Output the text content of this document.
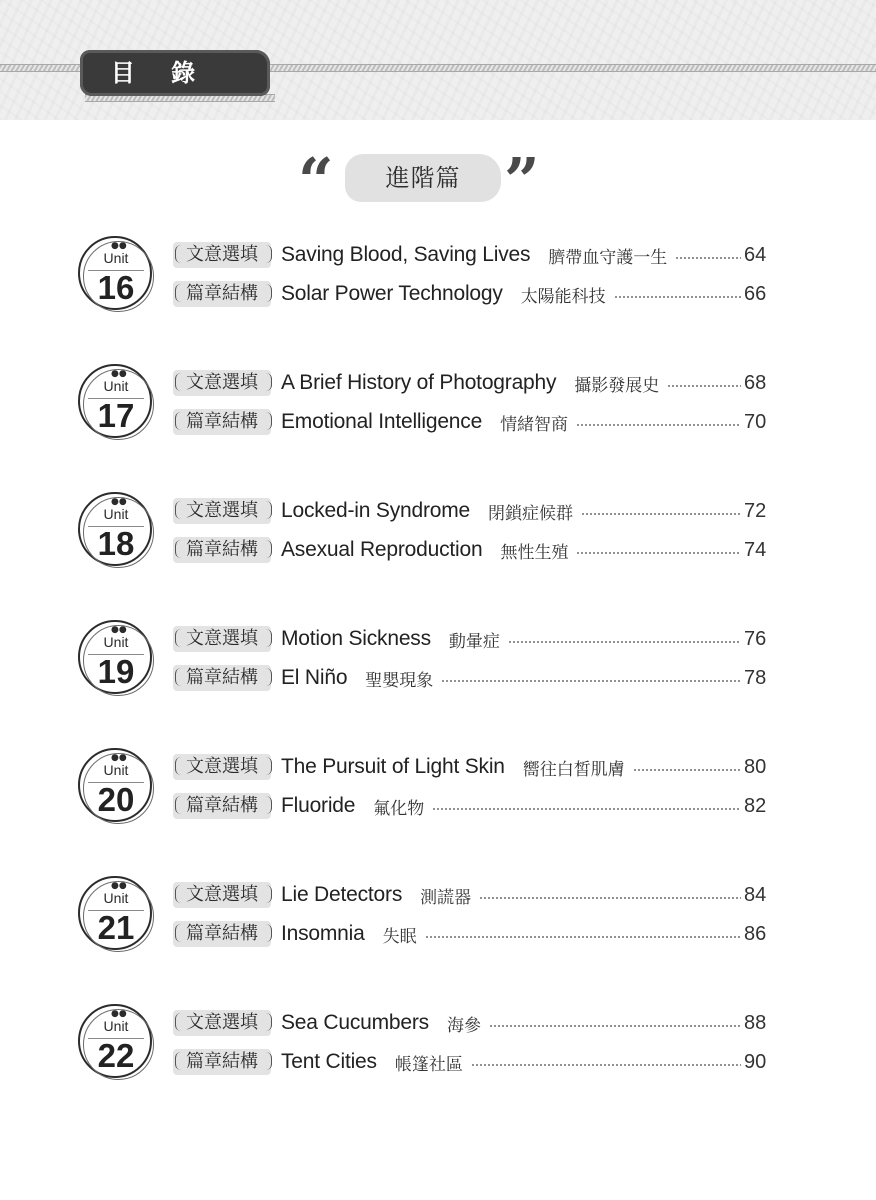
目 錄
“	進階篇 ”
●●
Unit
16
文意選填	Saving Blood, Saving Lives 臍帶血守護一生	64
篇章結構	Solar Power Technology 太陽能科技	66
●●
Unit
17
文意選填	A Brief History of Photography 攝影發展史	68
篇章結構	Emotional Intelligence 情緒智商	70
●●
Unit
18
文意選填	Locked-in Syndrome 閉鎖症候群	72
篇章結構	Asexual Reproduction 無性生殖	74
●●
Unit
19
文意選填	Motion Sickness 動暈症	76
篇章結構	El Niño 聖嬰現象	78
●●
Unit
20
文意選填	The Pursuit of Light Skin 嚮往白皙肌膚	80
篇章結構	Fluoride 氟化物	82
●●
Unit
21
文意選填	Lie Detectors 測謊器	84
篇章結構	Insomnia 失眠	86
●●
Unit
22
文意選填	Sea Cucumbers 海參	88
篇章結構	Tent Cities 帳篷社區	90
